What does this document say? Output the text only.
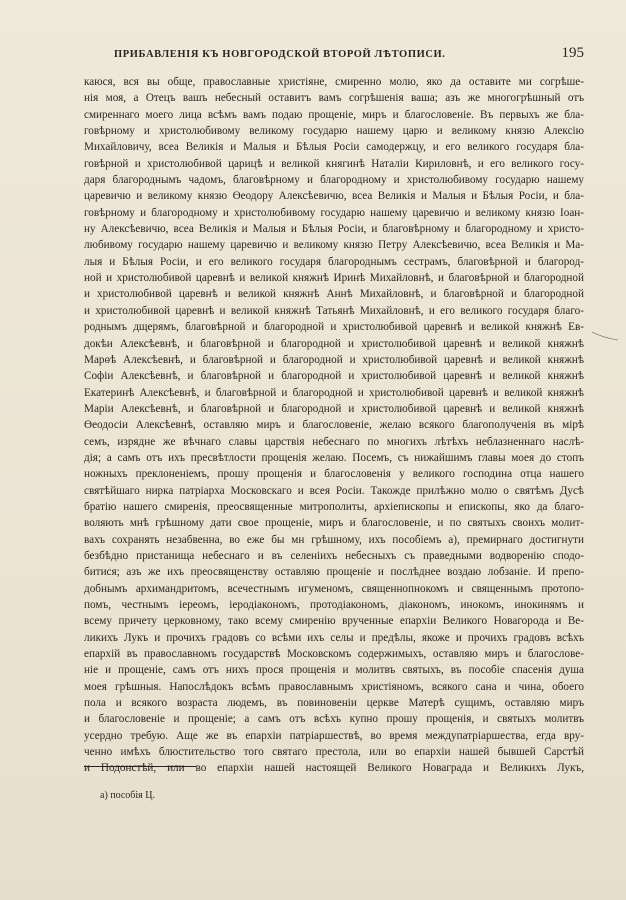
ПРИБАВЛЕНІЯ КЪ НОВГОРОДСКОЙ ВТОРОЙ ЛѢТОПИСИ.	195
каюся, вся вы обще, православные христіяне, смиренно молю, яко да оставите ми согрѣше-
нія моя, а Отецъ вашъ небесный оставитъ вамъ согрѣшенія ваша; азъ же многогрѣшный отъ
смиреннаго моего лица всѣмъ вамъ подаю прощеніе, миръ и благословеніе. Въ первыхъ же бла-
говѣрному и христолюбивому великому государю нашему царю и великому князю Алексію
Михайловичу, всеа Великія и Малыя и Бѣлыя Росіи самодержцу, и его великого государя бла-
говѣрной и христолюбивой царицѣ и великой княгинѣ Наталіи Кириловнѣ, и его великого госу-
даря благороднымъ чадомъ, благовѣрному и благородному и христолюбивому государю нашему
царевичю и великому князю Өеодору Алексѣевичю, всеа Великія и Малыя и Бѣлыя Росіи, и бла-
говѣрному и благородному и христолюбивому государю нашему царевичю и великому князю Іоан-
ну Алексѣевичю, всеа Великія и Малыя и Бѣлыя Росіи, и благовѣрному и благородному и христо-
любивому государю нашему царевичю и великому князю Петру Алексѣевичю, всеа Великія и Ма-
лыя и Бѣлыя Росіи, и его великого государя благороднымъ сестрамъ, благовѣрной и благород-
ной и христолюбивой царевнѣ и великой княжнѣ Иринѣ Михайловнѣ, и благовѣрной и благородной
и христолюбивой царевнѣ и великой княжнѣ Аннѣ Михайловнѣ, и благовѣрной и благородной
и христолюбивой царевнѣ и великой княжнѣ Татьянѣ Михайловнѣ, и его великого государя благо-
роднымъ дщерямъ, благовѣрной и благородной и христолюбивой царевнѣ и великой княжнѣ Ев-
докѣи Алексѣевнѣ, и благовѣрной и благородной и христолюбивой царевнѣ и великой княжнѣ
Марөѣ Алексѣевнѣ, и благовѣрной и благородной и христолюбивой царевнѣ и великой княжнѣ
Софіи Алексѣевнѣ, и благовѣрной и благородной и христолюбивой царевнѣ и великой княжнѣ
Екатеринѣ Алексѣевнѣ, и благовѣрной и благородной и христолюбивой царевнѣ и великой княжнѣ
Маріи Алексѣевнѣ, и благовѣрной и благородной и христолюбивой царевнѣ и великой княжнѣ
Өеодосіи Алексѣевнѣ, оставляю миръ и благословеніе, желаю всякого благополученія въ мірѣ
семъ, изрядне же вѣчнаго славы царствія небеснаго по многихъ лѣтѣхъ неблазненнаго наслѣ-
дія; а самъ отъ ихъ пресвѣтлости прощенія желаю. Посемъ, съ нижайшимъ главы моея до стопъ
ножныхъ преклоненіемъ, прошу прощенія и благословенія у великого господина отца нашего
святѣйшаго нирка патріарха Московскаго и всея Росіи. Такожде прилѣжно молю о святѣмъ Дусѣ
братію нашего смиренія, преосвященные митрополиты, архіепископы и епископы, яко да благо-
воляють мнѣ грѣшному дати свое прощеніе, миръ и благословеніе, и по святыхъ своихъ молит-
вахъ сохранять незабвенна, во еже бы мн грѣшному, ихъ пособіемъ а), премирнаго достигнути
безбѣдно пристанища небеснаго и въ селеніихъ небесныхъ съ праведными водворенію сподо-
битися; азъ же ихъ преосвященству оставляю прощеніе и послѣднее воздаю лобзаніе. И препо-
добнымъ архимандритомъ, всечестнымъ игуменомъ, священнопнокомъ и священнымъ протопо-
помъ, честнымъ іереомъ, іеродіакономъ, протодіакономъ, діакономъ, инокомъ, инокинямъ и
всему причету церковному, тако всему смиренію врученные епархіи Великого Новагорода и Ве-
ликихъ Лукъ и прочихъ градовъ со всѣми ихъ селы и предѣлы, якоже и прочихъ градовъ всѣхъ
епархій въ православномъ государствѣ Московскомъ содержимыхъ, оставляю миръ и благослове-
ніе и прощеніе, самъ отъ нихъ прося прощенія и молитвъ святыхъ, въ пособіе спасенія душа
моея грѣшныя. Напослѣдокъ всѣмъ православнымъ христіяномъ, всякого сана и чина, обоего
пола и всякого возраста людемъ, въ повиновеніи церкве Матерѣ сущимъ, оставляю миръ
и благословеніе и прощеніе; а самъ отъ всѣхъ купно прошу прощенія, и святыхъ молитвъ
усердно требую. Аще же въ епархіи патріаршествѣ, во время междупатріаршества, егда вру-
ченно имѣхъ блюстительство того святаго престола, или во епархіи нашей бывшей Сарстѣй
и Подонстѣй, или во епархіи нашей настоящей Великого Новаграда и Великихъ Лукъ,
а) пособія Ц.
